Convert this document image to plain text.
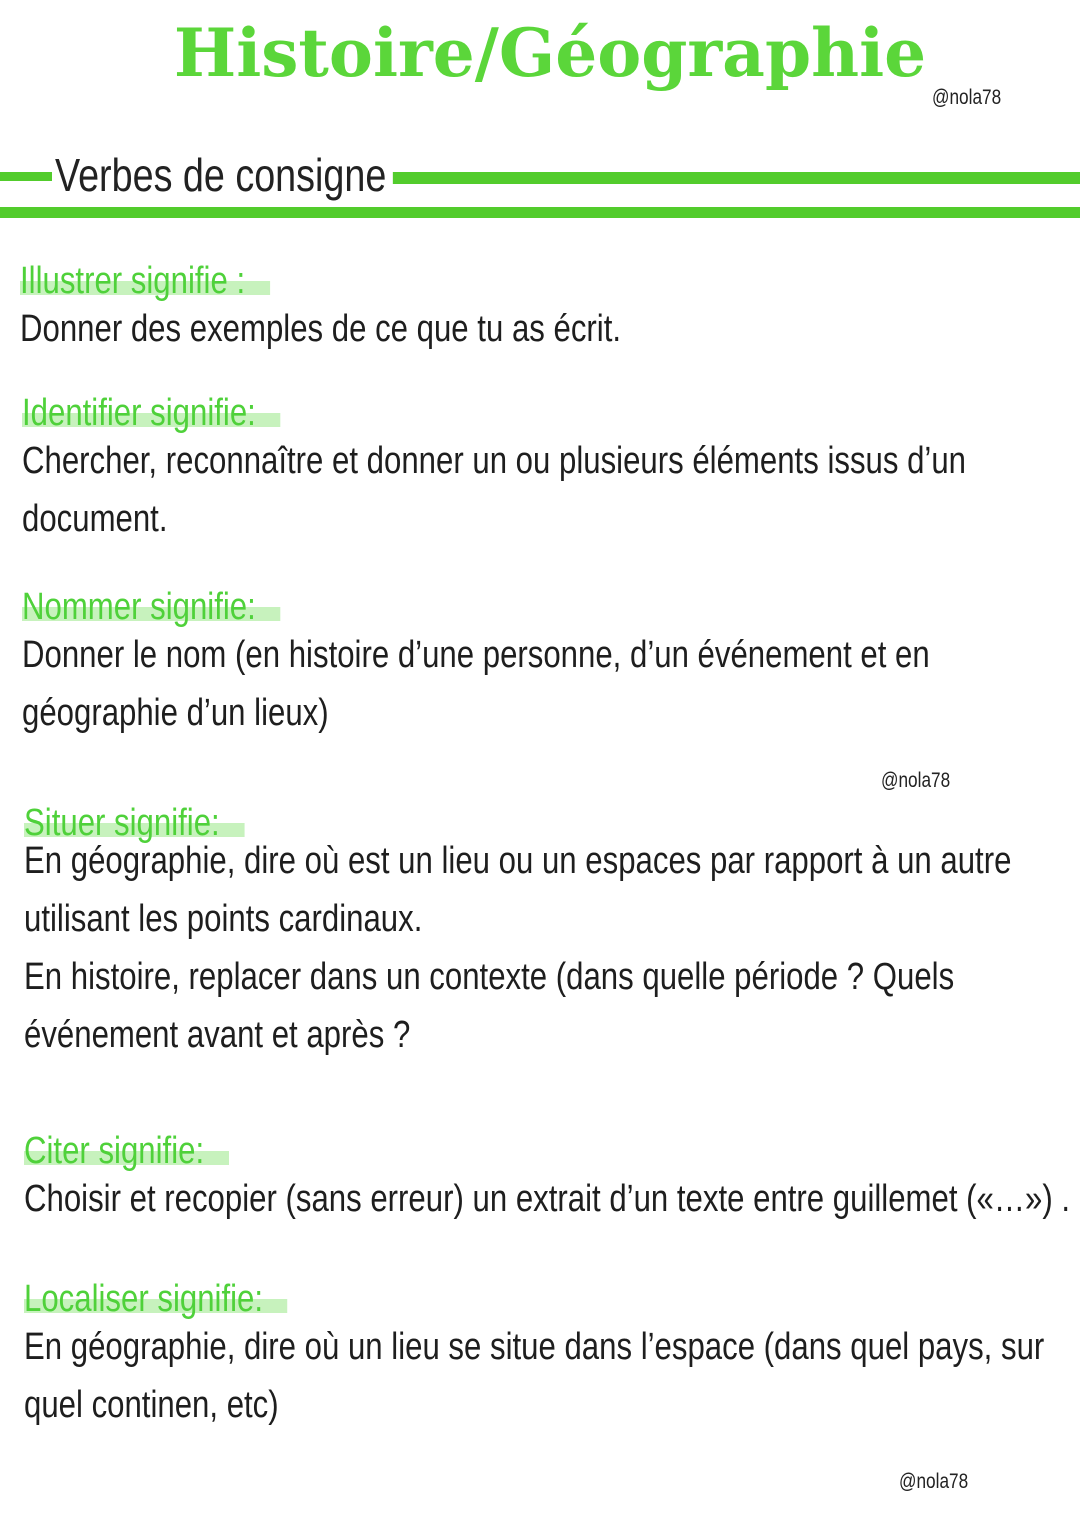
Histoire/Géographie
@nola78
Verbes de consigne
Illustrer signifie :
Donner des exemples de ce que tu as écrit.
Identifier signifie:
Chercher, reconnaître et donner un ou plusieurs éléments issus d’un
document.
Nommer signifie:
Donner le nom (en histoire d’une personne, d’un événement et en
géographie d’un lieux)
@nola78
Situer signifie:
En géographie, dire où est un lieu ou un espaces par rapport à un autre
utilisant les points cardinaux.
En histoire, replacer dans un contexte (dans quelle période ? Quels
événement avant et après ?
Citer signifie:
Choisir et recopier (sans erreur) un extrait d’un texte entre guillemet («…») .
Localiser signifie:
En géographie, dire où un lieu se situe dans l’espace (dans quel pays, sur
quel continen, etc)
@nola78
